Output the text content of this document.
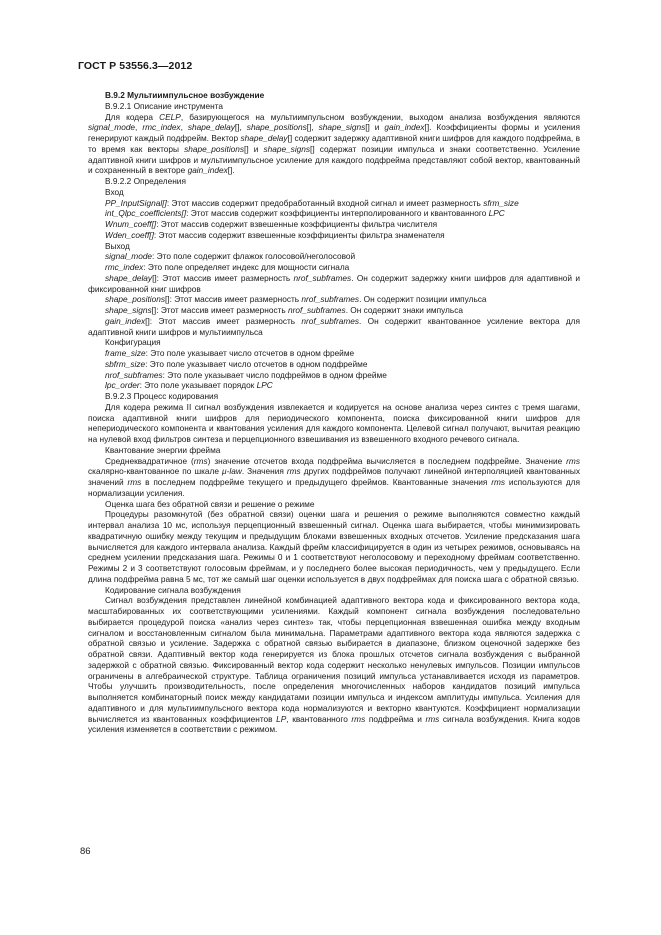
ГОСТ Р 53556.3—2012

B.9.2 Мультиимпульсное возбуждение

B.9.2.1 Описание инструмента

Для кодера CELP, базирующегося на мультиимпульсном возбуждении, выходом анализа возбуждения являются signal_mode, rmc_index, shape_delay[], shape_positions[], shape_signs[] и gain_index[]. Коэффициенты формы и усиления генерируют каждый подфрейм. Вектор shape_delay[] содержит задержку адаптивной книги шифров для каждого подфрейма, в то время как векторы shape_positions[] и shape_signs[] содержат позиции импульса и знаки соответственно. Усиление адаптивной книги шифров и мультиимпульсное усиление для каждого подфрейма представляют собой вектор, квантованный и сохраненный в векторе gain_index[].

B.9.2.2 Определения

Вход

PP_InputSignal[]: Этот массив содержит предобработанный входной сигнал и имеет размерность sfrm_size

int_Qlpc_coefficients[]: Этот массив содержит коэффициенты интерполированного и квантованного LPC

Wnum_coeff[]: Этот массив содержит взвешенные коэффициенты фильтра числителя

Wden_coeff[]: Этот массив содержит взвешенные коэффициенты фильтра знаменателя

Выход

signal_mode: Это поле содержит флажок голосовой/неголосовой

rmc_index: Это поле определяет индекс для мощности сигнала

shape_delay[]: Этот массив имеет размерность nrof_subframes. Он содержит задержку книги шифров для адаптивной и фиксированной книг шифров

shape_positions[]: Этот массив имеет размерность nrof_subframes. Он содержит позиции импульса

shape_signs[]: Этот массив имеет размерность nrof_subframes. Он содержит знаки импульса

gain_index[]: Этот массив имеет размерность nrof_subframes. Он содержит квантованное усиление вектора для адаптивной книги шифров и мультиимпульса

Конфигурация

frame_size: Это поле указывает число отсчетов в одном фрейме

sbfrm_size: Это поле указывает число отсчетов в одном подфрейме

nrof_subframes: Это поле указывает число подфреймов в одном фрейме

lpc_order: Это поле указывает порядок LPC

B.9.2.3 Процесс кодирования

Для кодера режима II сигнал возбуждения извлекается и кодируется на основе анализа через синтез с тремя шагами, поиска адаптивной книги шифров для периодического компонента, поиска фиксированной книги шифров для непериодического компонента и квантования усиления для каждого компонента. Целевой сигнал получают, вычитая реакцию на нулевой вход фильтров синтеза и перцепционного взвешивания из взвешенного входного речевого сигнала.

Квантование энергии фрейма

Среднеквадратичное (rms) значение отсчетов входа подфрейма вычисляется в последнем подфрейме. Значение rms скалярно-квантованное по шкале μ-law. Значения rms других подфреймов получают линейной интерполяцией квантованных значений rms в последнем подфрейме текущего и предыдущего фреймов. Квантованные значения rms используются для нормализации усиления.

Оценка шага без обратной связи и решение о режиме

Процедуры разомкнутой (без обратной связи) оценки шага и решения о режиме выполняются совместно каждый интервал анализа 10 мс, используя перцепционный взвешенный сигнал. Оценка шага выбирается, чтобы минимизировать квадратичную ошибку между текущим и предыдущим блоками взвешенных входных отсчетов. Усиление предсказания шага вычисляется для каждого интервала анализа. Каждый фрейм классифицируется в один из четырех режимов, основываясь на среднем усилении предсказания шага. Режимы 0 и 1 соответствуют неголосовому и переходному фреймам соответственно. Режимы 2 и 3 соответствуют голосовым фреймам, и у последнего более высокая периодичность, чем у предыдущего. Если длина подфрейма равна 5 мс, тот же самый шаг оценки используется в двух подфреймах для поиска шага с обратной связью.

Кодирование сигнала возбуждения

Сигнал возбуждения представлен линейной комбинацией адаптивного вектора кода и фиксированного вектора кода, масштабированных их соответствующими усилениями. Каждый компонент сигнала возбуждения последовательно выбирается процедурой поиска «анализ через синтез» так, чтобы перцепционная взвешенная ошибка между входным сигналом и восстановленным сигналом была минимальна. Параметрами адаптивного вектора кода являются задержка с обратной связью и усиление. Задержка с обратной связью выбирается в диапазоне, близком оценочной задержке без обратной связи. Адаптивный вектор кода генерируется из блока прошлых отсчетов сигнала возбуждения с выбранной задержкой с обратной связью. Фиксированный вектор кода содержит несколько ненулевых импульсов. Позиции импульсов ограничены в алгебраической структуре. Таблица ограничения позиций импульса устанавливается исходя из параметров. Чтобы улучшить производительность, после определения многочисленных наборов кандидатов позиций импульса выполняется комбинаторный поиск между кандидатами позиции импульса и индексом амплитуды импульса. Усиления для адаптивного и для мультиимпульсного вектора кода нормализуются и векторно квантуются. Коэффициент нормализации вычисляется из квантованных коэффициентов LP, квантованного rms подфрейма и rms сигнала возбуждения. Книга кодов усиления изменяется в соответствии с режимом.

86
